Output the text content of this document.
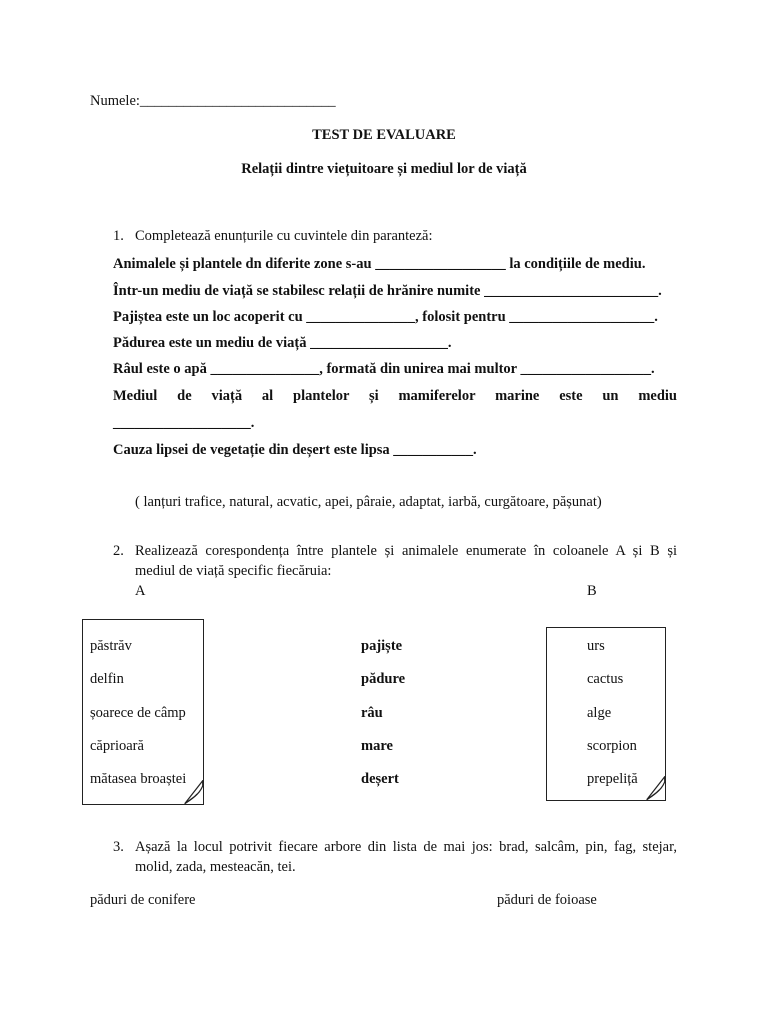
Numele:___________________________
TEST DE EVALUARE
Relații dintre viețuitoare și mediul lor de viață
1. Completează enunțurile cu cuvintele din paranteză:
Animalele și plantele dn diferite zone s-au __________________ la condițiile de mediu.
Într-un mediu de viață se stabilesc relații de hrănire numite ________________________.
Pajiștea este un loc acoperit cu _______________, folosit pentru ____________________.
Pădurea este un mediu de viață ___________________.
Râul este o apă _______________, formată din unirea mai multor __________________.
Mediul de viață al plantelor și mamiferelor marine este un mediu
___________________.
Cauza lipsei de vegetație din deșert este lipsa ___________.
( lanțuri trafice, natural, acvatic, apei, pâraie, adaptat, iarbă, curgătoare, pășunat)
2. Realizează corespondența între plantele și animalele enumerate în coloanele A și B și
mediul de viață specific fiecăruia:
A	B
păstrăv
delfin
șoarece de câmp
căprioară
mătasea broaștei
pajiște
pădure
râu
mare
deșert
urs
cactus
alge
scorpion
prepeliță
3. Așază la locul potrivit fiecare arbore din lista de mai jos: brad, salcâm, pin, fag, stejar,
molid, zada, mesteacăn, tei.
păduri de conifere	păduri de foioase
